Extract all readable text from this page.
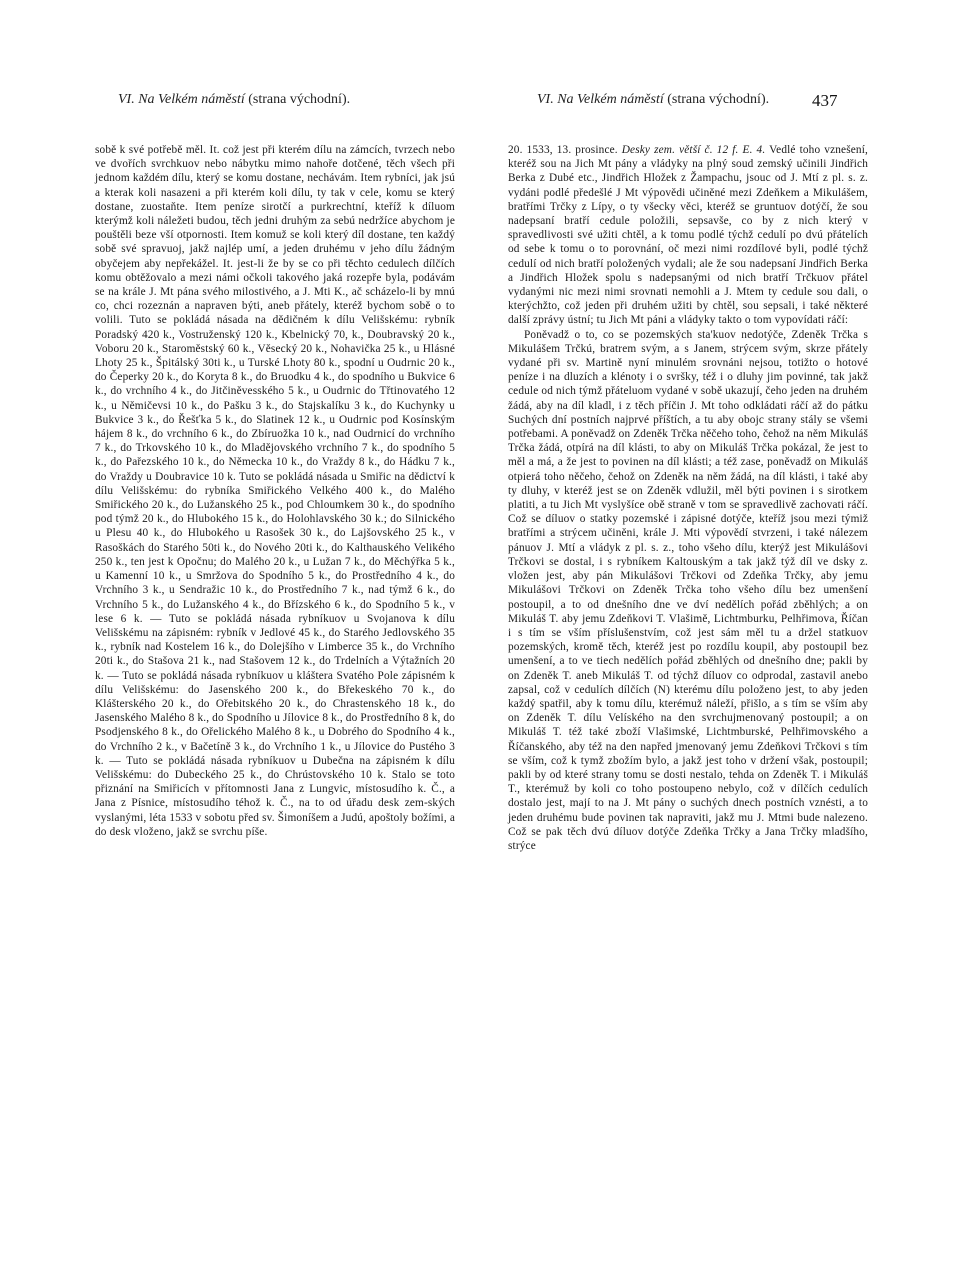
VI. Na Velkém náměstí (strana východní).	VI. Na Velkém náměstí (strana východní).	437

sobě k své potřebě měl. It. což jest při kterém dílu na zámcích, tvrzech nebo ve dvořích svrchkuov nebo nábytku mimo nahoře dotčené, těch všech při jednom každém dílu, který se komu dostane, nechávám. Item rybníci, jak jsú a kterak koli nasazeni a při kterém koli dílu, ty tak v cele, komu se který dostane, zuostaňte. Item peníze sirotčí a purkrechtní, kteříž k díluom kterýmž koli náležeti budou, těch jedni druhým za sebú nedržíce abychom je pouštěli beze vší otpornosti. Item komuž se koli který díl dostane, ten každý sobě své spravuoj, jakž najlép umí, a jeden druhému v jeho dílu žádným obyčejem aby nepřekážel. It. jest-li že by se co při těchto cedulech dílčích komu obtěžovalo a mezi námi očkoli takového jaká rozepře byla, podávám se na krále J. Mt pána svého milostivého, a J. Mti K., ač scházelo-li by mnú co, chci rozeznán a napraven býti, aneb přátely, kteréž bychom sobě o to volili. Tuto se pokládá násada na dědičném k dílu Velišskému: rybník Poradský 420 k., Vostruženský 120 k., Kbelnický 70, k., Doubravský 20 k., Voboru 20 k., Staroměstský 60 k., Věsecký 20 k., Nohavička 25 k., u Hlásné Lhoty 25 k., Špitálský 30ti k., u Turské Lhoty 80 k., spodní u Oudrnic 20 k., do Čeperky 20 k., do Koryta 8 k., do Bruodku 4 k., do spodního u Bukvice 6 k., do vrchního 4 k., do Jitčiněvesského 5 k., u Oudrnic do Třtinovatého 12 k., u Němičevsi 10 k., do Pašku 3 k., do Stajskalíku 3 k., do Kuchynky u Bukvice 3 k., do Řešťka 5 k., do Slatinek 12 k., u Oudrnic pod Kosínským hájem 8 k., do vrchního 6 k., do Zbíruožka 10 k., nad Oudrnicí do vrchního 7 k., do Trkovského 10 k., do Mladějovského vrchního 7 k., do spodního 5 k., do Pařezského 10 k., do Německa 10 k., do Vraždy 8 k., do Hádku 7 k., do Vraždy u Doubravice 10 k. Tuto se pokládá násada u Smiřic na dědictví k dílu Velišskému: do rybníka Smiřického Velkého 400 k., do Malého Smiřického 20 k., do Lužanského 25 k., pod Chloumkem 30 k., do spodního pod týmž 20 k., do Hlubokého 15 k., do Holohlavského 30 k.; do Silnického u Plesu 40 k., do Hlubokého u Rasošek 30 k., do Lajšovského 25 k., v Rasoškách do Starého 50ti k., do Nového 20ti k., do Kalthauského Velikého 250 k., ten jest k Opočnu; do Malého 20 k., u Lužan 7 k., do Měchýřka 5 k., u Kamenní 10 k., u Smržova do Spodního 5 k., do Prostředního 4 k., do Vrchního 3 k., u Sendražic 10 k., do Prostředního 7 k., nad týmž 6 k., do Vrchního 5 k., do Lužanského 4 k., do Břízského 6 k., do Spodního 5 k., v lese 6 k. — Tuto se pokládá násada rybníkuov u Svojanova k dílu Velišskému na zápisném: rybník v Jedlové 45 k., do Starého Jedlovského 35 k., rybník nad Kostelem 16 k., do Dolejšího v Limberce 35 k., do Vrchního 20ti k., do Stašova 21 k., nad Stašovem 12 k., do Trdelních a Výtažních 20 k. — Tuto se pokládá násada rybníkuov u kláštera Svatého Pole zápisném k dílu Velišskému: do Jasenského 200 k., do Břekeského 70 k., do Klášterského 20 k., do Ořebitského 20 k., do Chrastenského 18 k., do Jasenského Malého 8 k., do Spodního u Jílovice 8 k., do Prostředního 8 k, do Psodjenského 8 k., do Ořelického Malého 8 k., u Dobrého do Spodního 4 k., do Vrchního 2 k., v Bačetíně 3 k., do Vrchního 1 k., u Jílovice do Pustého 3 k. — Tuto se pokládá násada rybníkuov u Dubečna na zápisném k dílu Velišskému: do Dubeckého 25 k., do Chrústovského 10 k. Stalo se toto přiznání na Smiřicích v přítomnosti Jana z Lungvic, místosudího k. Č., a Jana z Písnice, místosudího téhož k. Č., na to od úřadu desk zem-ských vyslanými, léta 1533 v sobotu před sv. Šimoníšem a Judú, apoštoly božími, a do desk vloženo, jakž se svrchu píše.

20. 1533, 13. prosince. Desky zem. větší č. 12 f. E. 4. Vedlé toho vznešení, kteréž sou na Jich Mt pány a vládyky na plný soud zemský učinili Jindřich Berka z Dubé etc., Jindřich Hložek z Žampachu, jsouc od J. Mtí z pl. s. z. vydáni podlé předešlé J Mt výpovědi učiněné mezi Zdeňkem a Mikulášem, bratřími Trčky z Lípy, o ty všecky věci, kteréž se gruntuov dotýčí, že sou nadepsaní bratří cedule položili, sepsavše, co by z nich který v spravedlivosti své užiti chtěl, a k tomu podlé týchž cedulí po dvú přátelích od sebe k tomu o to porovnání, oč mezi nimi rozdílové byli, podlé týchž cedulí od nich bratří položených vydali; ale že sou nadepsaní Jindřich Berka a Jindřich Hložek spolu s nadepsanými od nich bratří Trčkuov přátel vydanými nic mezi nimi srovnati nemohli a J. Mtem ty cedule sou dali, o kterýchžto, což jeden při druhém užiti by chtěl, sou sepsali, i také některé další zprávy ústní; tu Jich Mt páni a vládyky takto o tom vypovídati ráčí:

Poněvadž o to, co se pozemských sta'kuov nedotýče, Zdeněk Trčka s Mikulášem Trčkú, bratrem svým, a s Janem, strýcem svým, skrze přátely vydané při sv. Martině nyní minulém srovnáni nejsou, totižto o hotové peníze i na dluzích a klénoty i o svršky, též i o dluhy jim povinné, tak jakž cedule od nich týmž přáteluom vydané v sobě ukazují, čeho jeden na druhém žádá, aby na díl kladl, i z těch příčin J. Mt toho odkládati ráčí až do pátku Suchých dní postních najprvé příštích, a tu aby obojc strany stály se všemi potřebami. A poněvadž on Zdeněk Trčka něčeho toho, čehož na něm Mikuláš Trčka žádá, otpírá na díl klásti, to aby on Mikuláš Trčka pokázal, že jest to měl a má, a že jest to povinen na díl klásti; a též zase, poněvadž on Mikuláš otpierá toho něčeho, čehož on Zdeněk na něm žádá, na díl klásti, i také aby ty dluhy, v kteréž jest se on Zdeněk vdlužil, měl býti povinen i s sirotkem platiti, a tu Jich Mt vyslyšíce obě straně v tom se spravedlivě zachovati ráčí. Což se díluov o statky pozemské i zápisné dotýče, kteříž jsou mezi týmiž bratřími a strýcem učiněni, krále J. Mti výpovědí stvrzeni, i také nálezem pánuov J. Mtí a vládyk z pl. s. z., toho všeho dílu, kterýž jest Mikulášovi Trčkovi se dostal, i s rybníkem Kaltouským a tak jakž týž díl ve dsky z. vložen jest, aby pán Mikulášovi Trčkovi od Zdeňka Trčky, aby jemu Mikulášovi Trčkovi on Zdeněk Trčka toho všeho dílu bez umenšení postoupil, a to od dnešního dne ve dví nedělích pořád zběhlých; a on Mikuláš T. aby jemu Zdeňkovi T. Vlašimě, Lichtmburku, Pelhřimova, Říčan i s tím se vším příslušenstvím, což jest sám měl tu a držel statkuov pozemských, kromě těch, kteréž jest po rozdílu koupil, aby postoupil bez umenšení, a to ve tiech nedělích pořád zběhlých od dnešního dne; pakli by on Zdeněk T. aneb Mikuláš T. od týchž díluov co odprodal, zastavil anebo zapsal, což v cedulích dílčích (N) kterému dílu položeno jest, to aby jeden každý spatřil, aby k tomu dílu, kterémuž náleží, přišlo, a s tím se vším aby on Zdeněk T. dílu Velíského na den svrchujmenovaný postoupil; a on Mikuláš T. též také zboží Vlašimské, Lichtmburské, Pelhřimovského a Říčanského, aby též na den napřed jmenovaný jemu Zdeňkovi Trčkovi s tím se vším, což k tymž zbožím bylo, a jakž jest toho v držení však, postoupil; pakli by od které strany tomu se dosti nestalo, tehda on Zdeněk T. i Mikuláš T., kterémuž by koli co toho postoupeno nebylo, což v dílčích cedulích dostalo jest, mají to na J. Mt pány o suchých dnech postních vznésti, a to jeden druhému bude povinen tak napraviti, jakž mu J. Mtmi bude nalezeno. Což se pak těch dvú díluov dotýče Zdeňka Trčky a Jana Trčky mladšího, strýce
